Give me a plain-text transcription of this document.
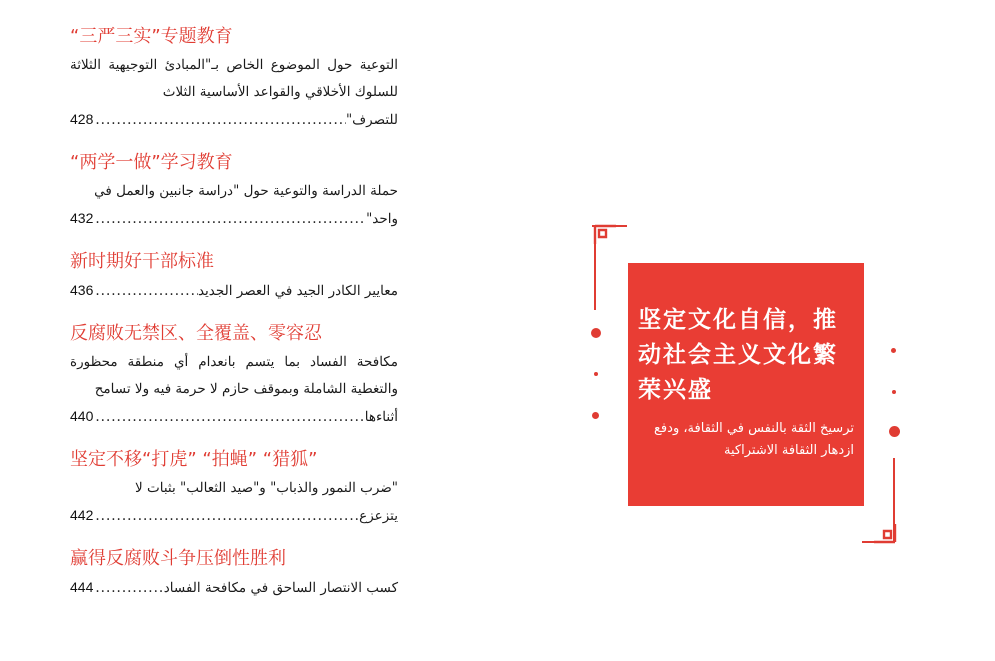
“三严三实”专题教育
التوعية حول الموضوع الخاص بـ"المبادئ التوجيهية الثلاثة للسلوك الأخلاقي والقواعد الأساسية الثلاث
428 .....	للتصرف"
“两学一做”学习教育
حملة الدراسة والتوعية حول "دراسة جانبين والعمل في
432 .....	واحد"
新时期好干部标准
436 .....	معايير الكادر الجيد في العصر الجديد
反腐败无禁区、全覆盖、零容忍
مكافحة الفساد بما يتسم بانعدام أي منطقة محظورة والتغطية الشاملة وبموقف حازم لا حرمة فيه ولا تسامح
440 .....	أثناءها
坚定不移“打虎” “拍蝇” “猎狐”
"ضرب النمور والذباب" و"صيد الثعالب" بثبات لا
442 .....	يتزعزع
赢得反腐败斗争压倒性胜利
444 .....	كسب الانتصار الساحق في مكافحة الفساد
坚定文化自信，推动社会主义文化繁荣兴盛
ترسيخ الثقة بالنفس في الثقافة، ودفع ازدهار الثقافة الاشتراكية
